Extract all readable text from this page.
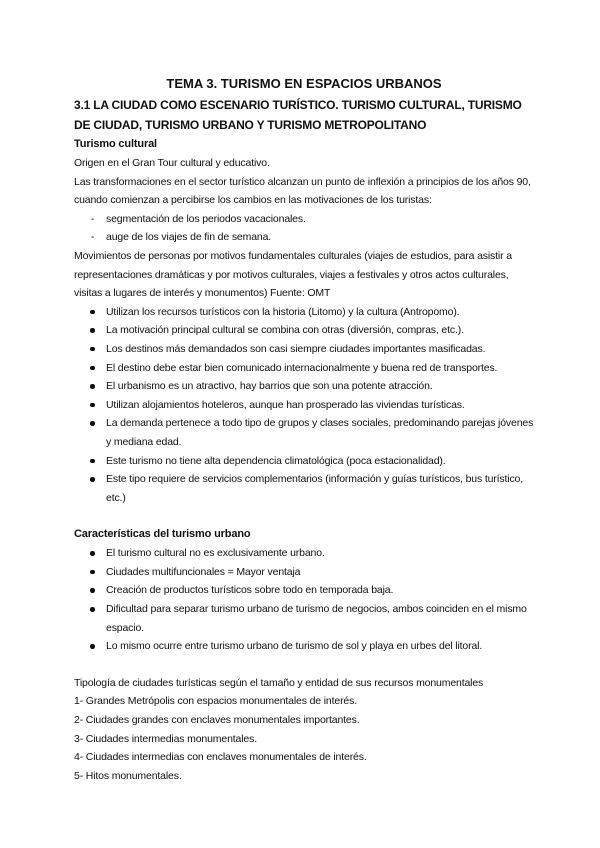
TEMA 3. TURISMO EN ESPACIOS URBANOS
3.1 LA CIUDAD COMO ESCENARIO TURÍSTICO. TURISMO CULTURAL, TURISMO DE CIUDAD, TURISMO URBANO Y TURISMO METROPOLITANO
Turismo cultural

Origen en el Gran Tour cultural y educativo.

Las transformaciones en el sector turístico alcanzan un punto de inflexión a principios de los años 90, cuando comienzan a percibirse los cambios en las motivaciones de los turistas:

- segmentación de los periodos vacacionales.
- auge de los viajes de fin de semana.

Movimientos de personas por motivos fundamentales culturales (viajes de estudios, para asistir a representaciones dramáticas y por motivos culturales, viajes a festivales y otros actos culturales, visitas a lugares de interés y monumentos) Fuente: OMT

Utilizan los recursos turísticos con la historia (Litomo) y la cultura (Antropomo).
La motivación principal cultural se combina con otras (diversión, compras, etc.).
Los destinos más demandados son casi siempre ciudades importantes masificadas.
El destino debe estar bien comunicado internacionalmente y buena red de transportes.
El urbanismo es un atractivo, hay barrios que son una potente atracción.
Utilizan alojamientos hoteleros, aunque han prosperado las viviendas turísticas.
La demanda pertenece a todo tipo de grupos y clases sociales, predominando parejas jóvenes y mediana edad.
Este turismo no tiene alta dependencia climatológica (poca estacionalidad).
Este tipo requiere de servicios complementarios (información y guías turísticos, bus turístico, etc.)
Características del turismo urbano
El turismo cultural no es exclusivamente urbano.
Ciudades multifuncionales = Mayor ventaja
Creación de productos turísticos sobre todo en temporada baja.
Dificultad para separar turismo urbano de turismo de negocios, ambos coinciden en el mismo espacio.
Lo mismo ocurre entre turismo urbano de turismo de sol y playa en urbes del litoral.

Tipología de ciudades turísticas según el tamaño y entidad de sus recursos monumentales

1- Grandes Metrópolis con espacios monumentales de interés.

2- Ciudades grandes con enclaves monumentales importantes.

3- Ciudades intermedias monumentales.

4- Ciudades intermedias con enclaves monumentales de interés.

5- Hitos monumentales.
